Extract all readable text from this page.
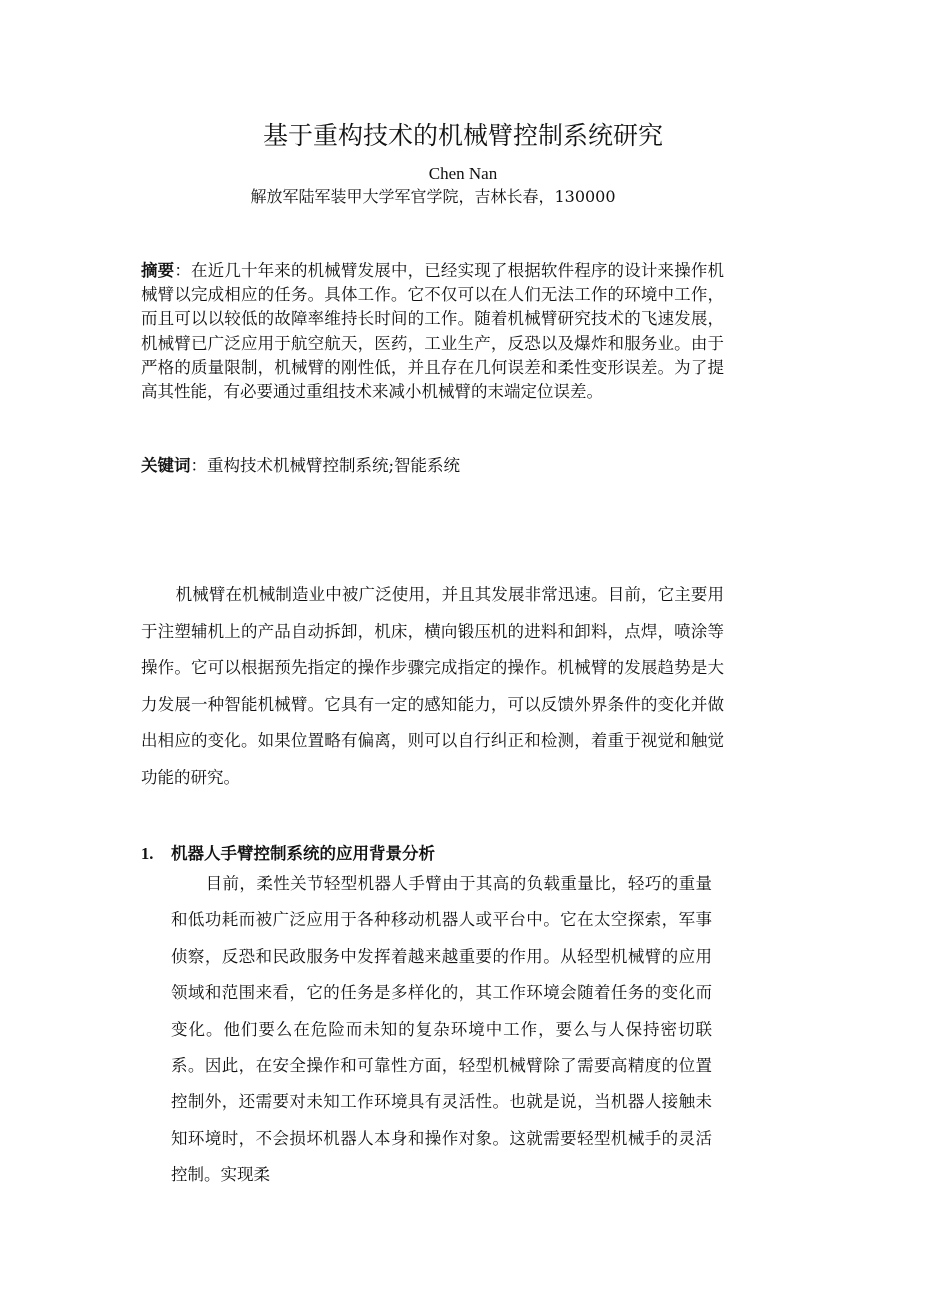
基于重构技术的机械臂控制系统研究
Chen Nan
解放军陆军装甲大学军官学院，吉林长春，130000

摘要：在近几十年来的机械臂发展中，已经实现了根据软件程序的设计来操作机械臂以完成相应的任务。具体工作。它不仅可以在人们无法工作的环境中工作，而且可以以较低的故障率维持长时间的工作。随着机械臂研究技术的飞速发展，机械臂已广泛应用于航空航天，医药，工业生产，反恐以及爆炸和服务业。由于严格的质量限制，机械臂的刚性低，并且存在几何误差和柔性变形误差。为了提高其性能，有必要通过重组技术来减小机械臂的末端定位误差。

关键词：重构技术机械臂控制系统;智能系统

机械臂在机械制造业中被广泛使用，并且其发展非常迅速。目前，它主要用于注塑辅机上的产品自动拆卸，机床，横向锻压机的进料和卸料，点焊，喷涂等操作。它可以根据预先指定的操作步骤完成指定的操作。机械臂的发展趋势是大力发展一种智能机械臂。它具有一定的感知能力，可以反馈外界条件的变化并做出相应的变化。如果位置略有偏离，则可以自行纠正和检测，着重于视觉和触觉功能的研究。

1. 机器人手臂控制系统的应用背景分析

目前，柔性关节轻型机器人手臂由于其高的负载重量比，轻巧的重量和低功耗而被广泛应用于各种移动机器人或平台中。它在太空探索，军事侦察，反恐和民政服务中发挥着越来越重要的作用。从轻型机械臂的应用领域和范围来看，它的任务是多样化的，其工作环境会随着任务的变化而变化。他们要么在危险而未知的复杂环境中工作，要么与人保持密切联系。因此，在安全操作和可靠性方面，轻型机械臂除了需要高精度的位置控制外，还需要对未知工作环境具有灵活性。也就是说，当机器人接触未知环境时，不会损坏机器人本身和操作对象。这就需要轻型机械手的灵活控制。实现柔
